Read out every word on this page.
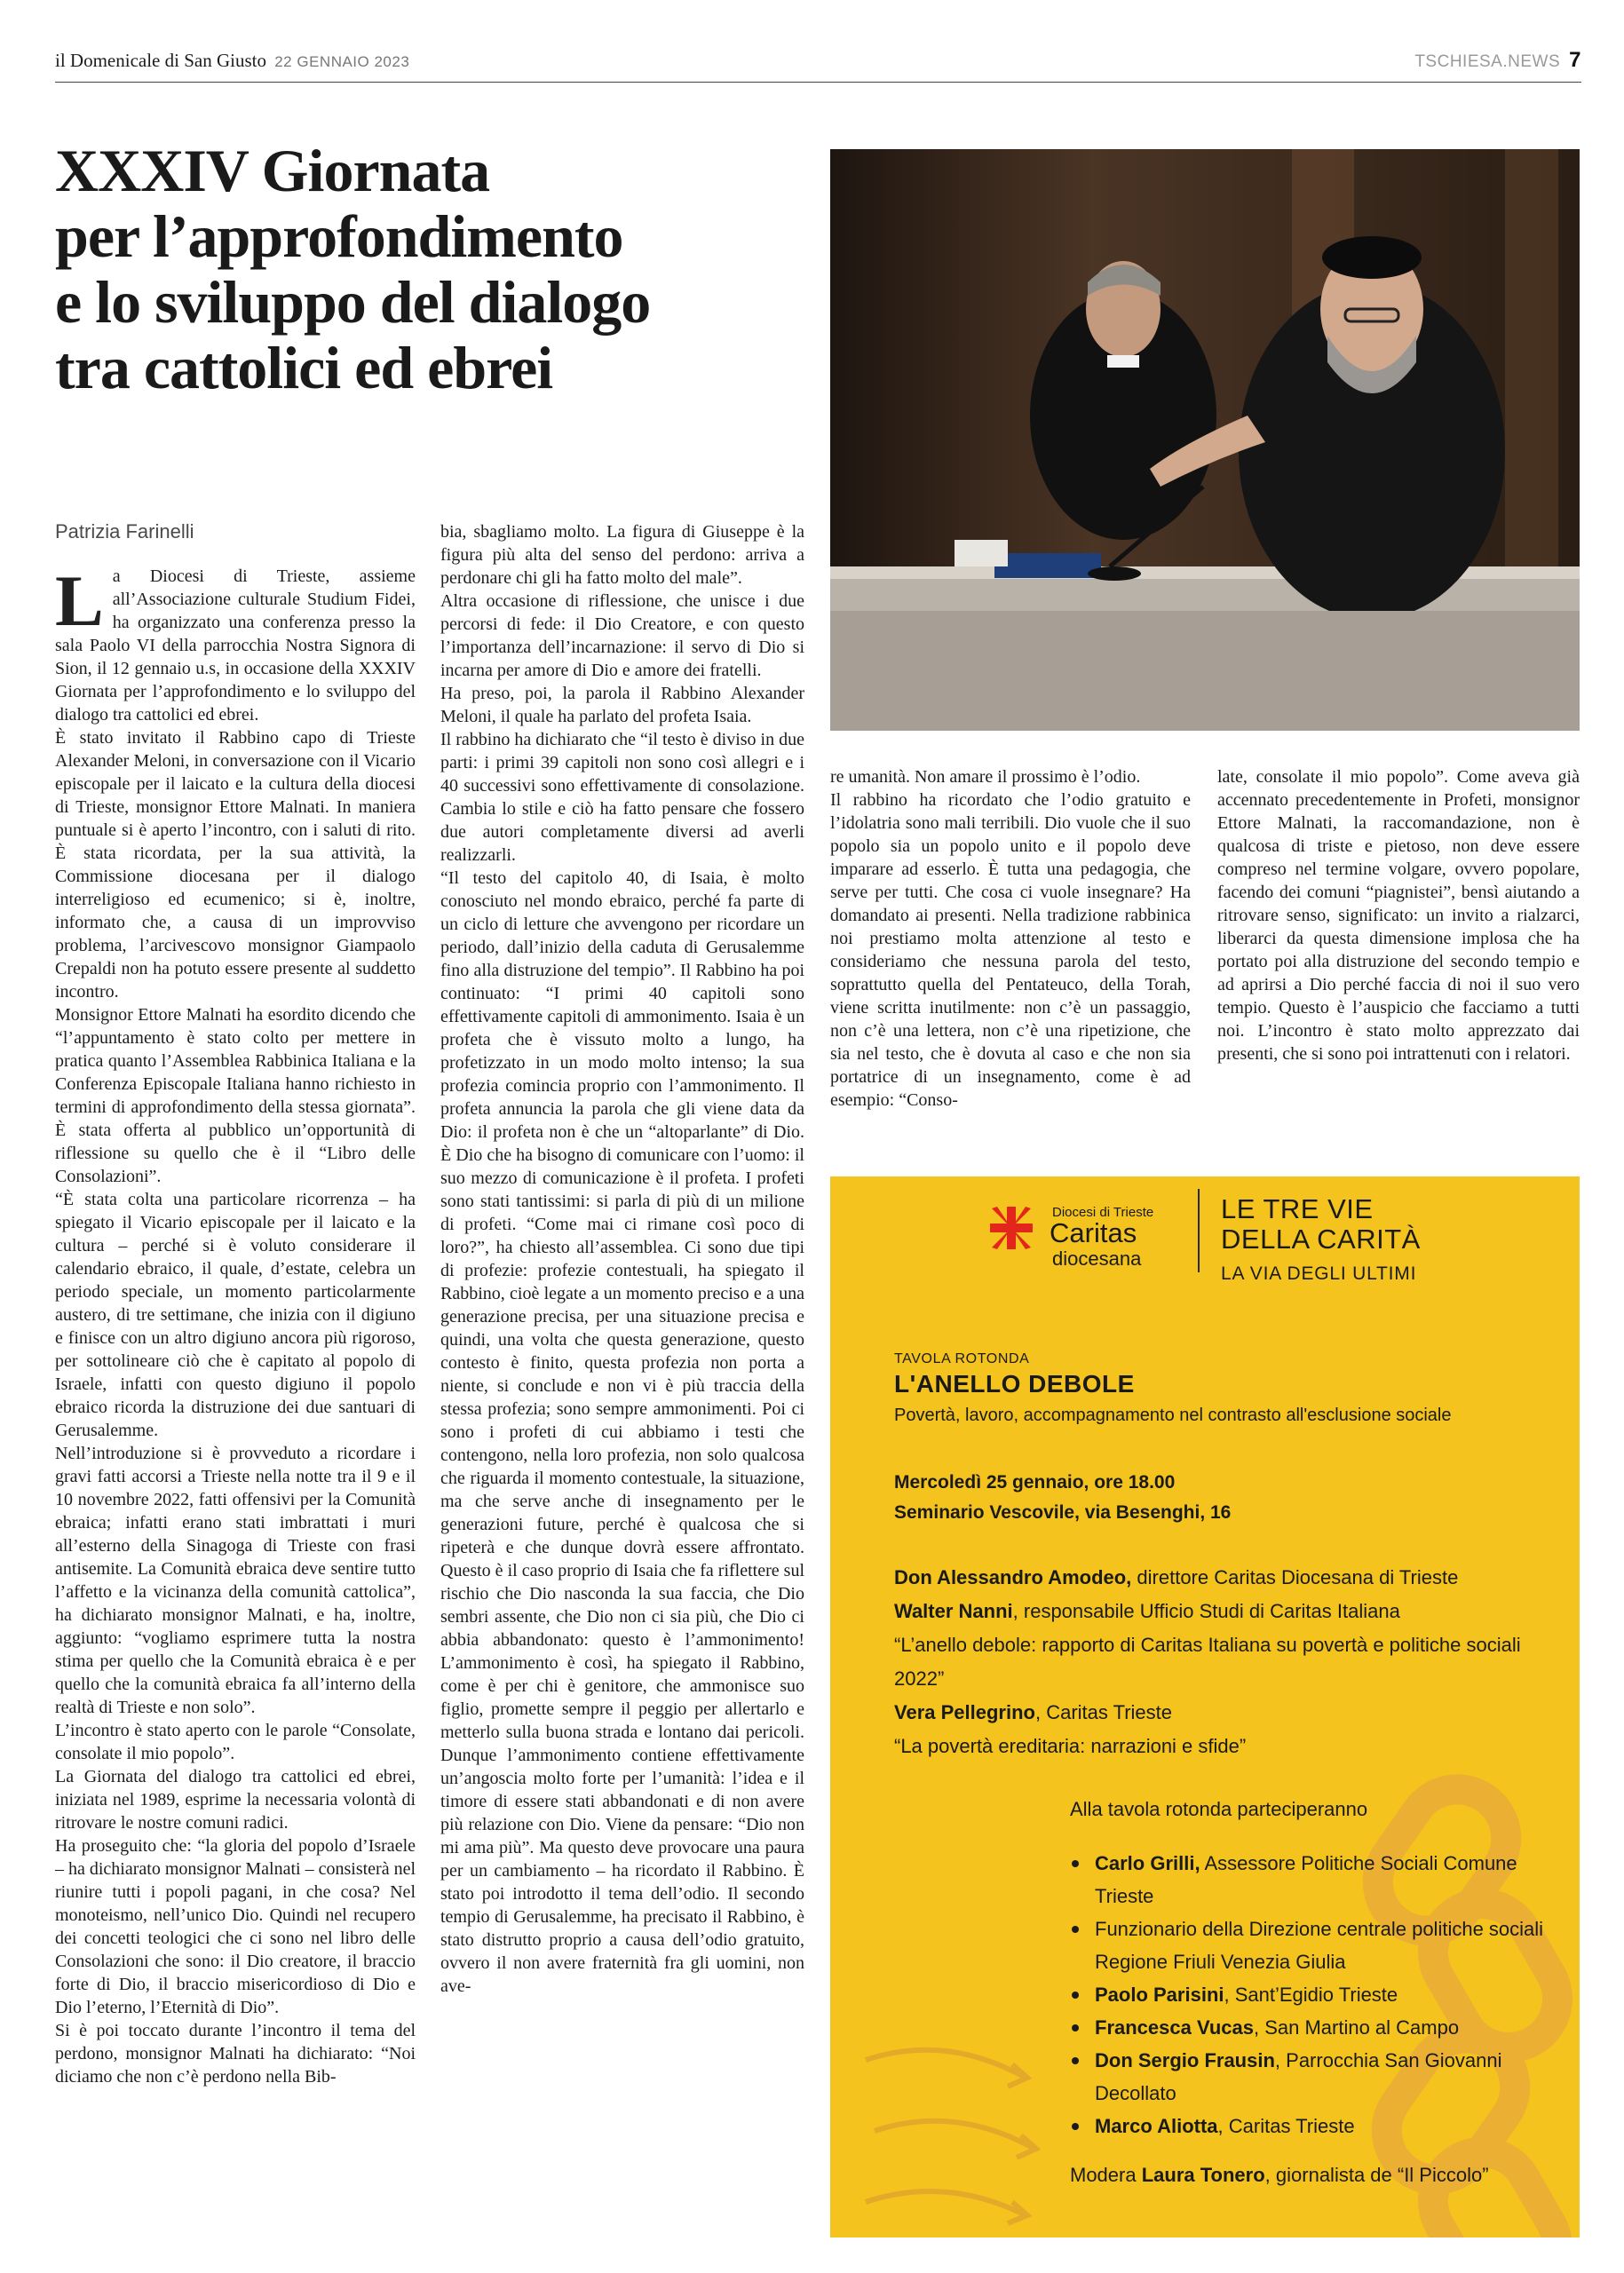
il Domenicale di San Giusto 22 GENNAIO 2023	TSCHIESA.NEWS 7
XXXIV Giornata
per l’approfondimento
e lo sviluppo del dialogo
tra cattolici ed ebrei
Patrizia Farinelli

La Diocesi di Trieste, assieme all’Associazione culturale Studium Fidei, ha organizzato una conferenza presso la sala Paolo VI della parrocchia Nostra Signora di Sion, il 12 gennaio u.s, in occasione della XXXIV Giornata per l’approfondimento e lo sviluppo del dialogo tra cattolici ed ebrei.

È stato invitato il Rabbino capo di Trieste Alexander Meloni, in conversazione con il Vicario episcopale per il laicato e la cultura della diocesi di Trieste, monsignor Ettore Malnati. In maniera puntuale si è aperto l’incontro, con i saluti di rito. È stata ricordata, per la sua attività, la Commissione diocesana per il dialogo interreligioso ed ecumenico; si è, inoltre, informato che, a causa di un improvviso problema, l’arcivescovo monsignor Giampaolo Crepaldi non ha potuto essere presente al suddetto incontro.

Monsignor Ettore Malnati ha esordito dicendo che “l’appuntamento è stato colto per mettere in pratica quanto l’Assemblea Rabbinica Italiana e la Conferenza Episcopale Italiana hanno richiesto in termini di approfondimento della stessa giornata”. È stata offerta al pubblico un’opportunità di riflessione su quello che è il “Libro delle Consolazioni”.

“È stata colta una particolare ricorrenza – ha spiegato il Vicario episcopale per il laicato e la cultura – perché si è voluto considerare il calendario ebraico, il quale, d’estate, celebra un periodo speciale, un momento particolarmente austero, di tre settimane, che inizia con il digiuno e finisce con un altro digiuno ancora più rigoroso, per sottolineare ciò che è capitato al popolo di Israele, infatti con questo digiuno il popolo ebraico ricorda la distruzione dei due santuari di Gerusalemme.

Nell’introduzione si è provveduto a ricordare i gravi fatti accorsi a Trieste nella notte tra il 9 e il 10 novembre 2022, fatti offensivi per la Comunità ebraica; infatti erano stati imbrattati i muri all’esterno della Sinagoga di Trieste con frasi antisemite. La Comunità ebraica deve sentire tutto l’affetto e la vicinanza della comunità cattolica”, ha dichiarato monsignor Malnati, e ha, inoltre, aggiunto: “vogliamo esprimere tutta la nostra stima per quello che la Comunità ebraica è e per quello che la comunità ebraica fa all’interno della realtà di Trieste e non solo”.

L’incontro è stato aperto con le parole “Consolate, consolate il mio popolo”.

La Giornata del dialogo tra cattolici ed ebrei, iniziata nel 1989, esprime la necessaria volontà di ritrovare le nostre comuni radici.

Ha proseguito che: “la gloria del popolo d’Israele – ha dichiarato monsignor Malnati – consisterà nel riunire tutti i popoli pagani, in che cosa? Nel monoteismo, nell’unico Dio. Quindi nel recupero dei concetti teologici che ci sono nel libro delle Consolazioni che sono: il Dio creatore, il braccio forte di Dio, il braccio misericordioso di Dio e Dio l’eterno, l’Eternità di Dio”.

Si è poi toccato durante l’incontro il tema del perdono, monsignor Malnati ha dichiarato: “Noi diciamo che non c’è perdono nella Bib-

bia, sbagliamo molto. La figura di Giuseppe è la figura più alta del senso del perdono: arriva a perdonare chi gli ha fatto molto del male”.

Altra occasione di riflessione, che unisce i due percorsi di fede: il Dio Creatore, e con questo l’importanza dell’incarnazione: il servo di Dio si incarna per amore di Dio e amore dei fratelli.

Ha preso, poi, la parola il Rabbino Alexander Meloni, il quale ha parlato del profeta Isaia.

Il rabbino ha dichiarato che “il testo è diviso in due parti: i primi 39 capitoli non sono così allegri e i 40 successivi sono effettivamente di consolazione. Cambia lo stile e ciò ha fatto pensare che fossero due autori completamente diversi ad averli realizzarli.

“Il testo del capitolo 40, di Isaia, è molto conosciuto nel mondo ebraico, perché fa parte di un ciclo di letture che avvengono per ricordare un periodo, dall’inizio della caduta di Gerusalemme fino alla distruzione del tempio”. Il Rabbino ha poi continuato: “I primi 40 capitoli sono effettivamente capitoli di ammonimento. Isaia è un profeta che è vissuto molto a lungo, ha profetizzato in un modo molto intenso; la sua profezia comincia proprio con l’ammonimento. Il profeta annuncia la parola che gli viene data da Dio: il profeta non è che un “altoparlante” di Dio. È Dio che ha bisogno di comunicare con l’uomo: il suo mezzo di comunicazione è il profeta. I profeti sono stati tantissimi: si parla di più di un milione di profeti. “Come mai ci rimane così poco di loro?”, ha chiesto all’assemblea. Ci sono due tipi di profezie: profezie contestuali, ha spiegato il Rabbino, cioè legate a un momento preciso e a una generazione precisa, per una situazione precisa e quindi, una volta che questa generazione, questo contesto è finito, questa profezia non porta a niente, si conclude e non vi è più traccia della stessa profezia; sono sempre ammonimenti. Poi ci sono i profeti di cui abbiamo i testi che contengono, nella loro profezia, non solo qualcosa che riguarda il momento contestuale, la situazione, ma che serve anche di insegnamento per le generazioni future, perché è qualcosa che si ripeterà e che dunque dovrà essere affrontato. Questo è il caso proprio di Isaia che fa riflettere sul rischio che Dio nasconda la sua faccia, che Dio sembri assente, che Dio non ci sia più, che Dio ci abbia abbandonato: questo è l’ammonimento! L’ammonimento è così, ha spiegato il Rabbino, come è per chi è genitore, che ammonisce suo figlio, promette sempre il peggio per allertarlo e metterlo sulla buona strada e lontano dai pericoli. Dunque l’ammonimento contiene effettivamente un’angoscia molto forte per l’umanità: l’idea e il timore di essere stati abbandonati e di non avere più relazione con Dio. Viene da pensare: “Dio non mi ama più”. Ma questo deve provocare una paura per un cambiamento – ha ricordato il Rabbino. È stato poi introdotto il tema dell’odio. Il secondo tempio di Gerusalemme, ha precisato il Rabbino, è stato distrutto proprio a causa dell’odio gratuito, ovvero il non avere fraternità fra gli uomini, non ave-

re umanità. Non amare il prossimo è l’odio.

Il rabbino ha ricordato che l’odio gratuito e l’idolatria sono mali terribili. Dio vuole che il suo popolo sia un popolo unito e il popolo deve imparare ad esserlo. È tutta una pedagogia, che serve per tutti. Che cosa ci vuole insegnare? Ha domandato ai presenti. Nella tradizione rabbinica noi prestiamo molta attenzione al testo e consideriamo che nessuna parola del testo, soprattutto quella del Pentateuco, della Torah, viene scritta inutilmente: non c’è un passaggio, non c’è una lettera, non c’è una ripetizione, che sia nel testo, che è dovuta al caso e che non sia portatrice di un insegnamento, come è ad esempio: “Conso-

late, consolate il mio popolo”. Come aveva già accennato precedentemente in Profeti, monsignor Ettore Malnati, la raccomandazione, non è qualcosa di triste e pietoso, non deve essere compreso nel termine volgare, ovvero popolare, facendo dei comuni “piagnistei”, bensì aiutando a ritrovare senso, significato: un invito a rialzarci, liberarci da questa dimensione implosa che ha portato poi alla distruzione del secondo tempio e ad aprirsi a Dio perché faccia di noi il suo vero tempio. Questo è l’auspicio che facciamo a tutti noi. L’incontro è stato molto apprezzato dai presenti, che si sono poi intrattenuti con i relatori.

Diocesi di Trieste
Caritas
diocesana
LE TRE VIE
DELLA CARITÀ
LA VIA DEGLI ULTIMI
TAVOLA ROTONDA
L'ANELLO DEBOLE
Povertà, lavoro, accompagnamento nel contrasto all'esclusione sociale
Mercoledì 25 gennaio, ore 18.00
Seminario Vescovile, via Besenghi, 16

Don Alessandro Amodeo, direttore Caritas Diocesana di Trieste

Walter Nanni, responsabile Ufficio Studi di Caritas Italiana

“L’anello debole: rapporto di Caritas Italiana su povertà e politiche sociali 2022”

Vera Pellegrino, Caritas Trieste

“La povertà ereditaria: narrazioni e sfide”

Alla tavola rotonda parteciperanno
Carlo Grilli, Assessore Politiche Sociali Comune Trieste
Funzionario della Direzione centrale politiche sociali Regione Friuli Venezia Giulia
Paolo Parisini, Sant’Egidio Trieste
Francesca Vucas, San Martino al Campo
Don Sergio Frausin, Parrocchia San Giovanni Decollato
Marco Aliotta, Caritas Trieste
Modera Laura Tonero, giornalista de “Il Piccolo”
